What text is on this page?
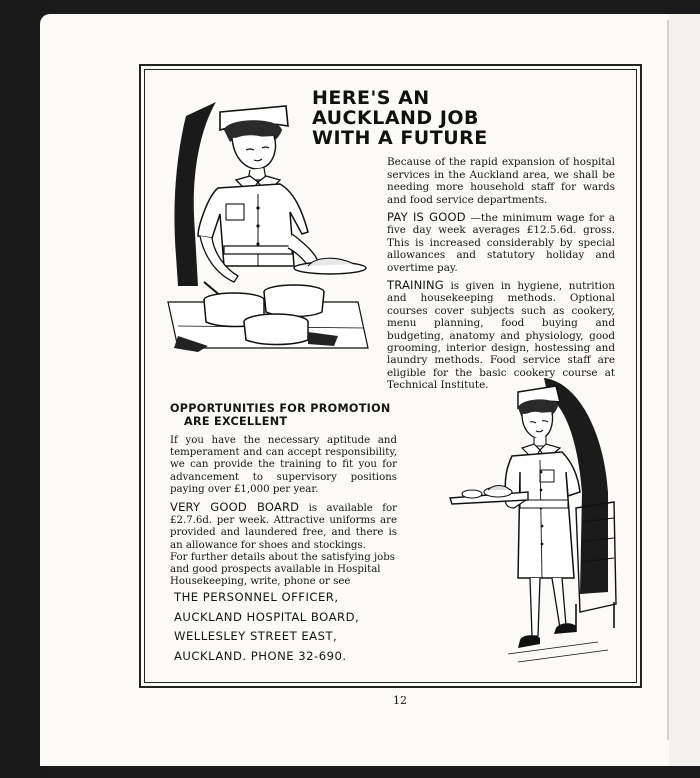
HERE'S AN
AUCKLAND JOB
WITH A FUTURE

Because of the rapid expansion of hospital services in the Auckland area, we shall be needing more household staff for wards and food service departments.

PAY IS GOOD —the minimum wage for a five day week averages £12.5.6d. gross. This is increased considerably by special allowances and statutory holiday and overtime pay.

TRAINING is given in hygiene, nutrition and housekeeping methods. Optional courses cover subjects such as cookery, menu planning, food buying and budgeting, anatomy and physiology, good grooming, interior design, hostessing and laundry methods. Food service staff are eligible for the basic cookery course at Technical Institute.

OPPORTUNITIES FOR PROMOTION
ARE EXCELLENT

If you have the necessary aptitude and temperament and can accept responsibility, we can provide the training to fit you for advancement to supervisory positions paying over £1,000 per year.

VERY GOOD BOARD is available for £2.7.6d. per week. Attractive uniforms are provided and laundered free, and there is an allowance for shoes and stockings.

For further details about the satisfying jobs and good prospects available in Hospital Housekeeping, write, phone or see

THE PERSONNEL OFFICER,
AUCKLAND HOSPITAL BOARD,
WELLESLEY STREET EAST,
AUCKLAND. PHONE 32-690.

12
